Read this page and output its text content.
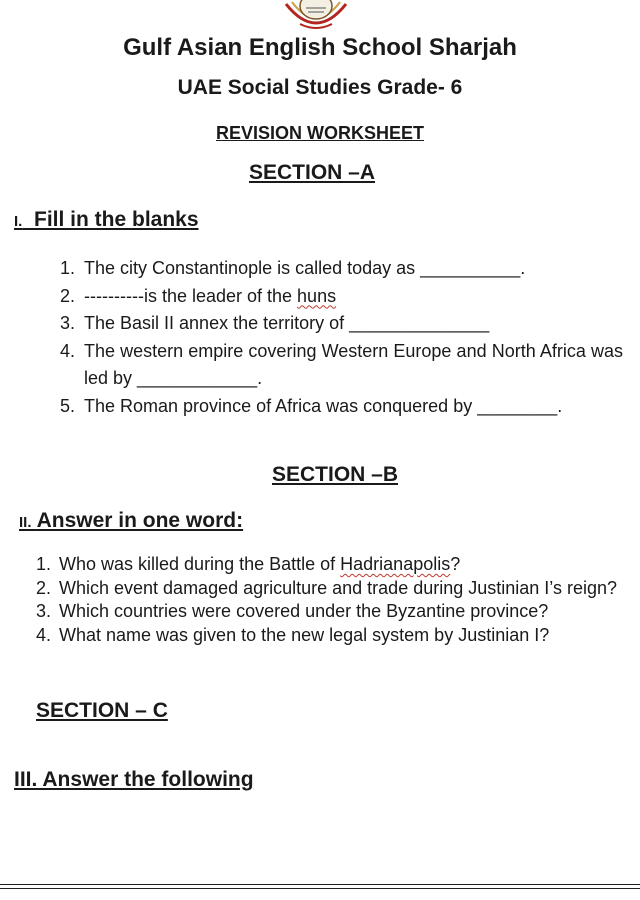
Gulf Asian English School Sharjah
UAE Social Studies Grade- 6
REVISION WORKSHEET
SECTION –A
I. Fill in the blanks
1. The city Constantinople is called today as __________.
2. ----------is the leader of the huns
3. The Basil II annex the territory of ______________
4. The western empire covering Western Europe and North Africa was led by ____________.
5. The Roman province of Africa was conquered by ________.
SECTION –B
II. Answer in one word:
1. Who was killed during the Battle of Hadrianapolis?
2. Which event damaged agriculture and trade during Justinian I’s reign?
3. Which countries were covered under the Byzantine province?
4. What name was given to the new legal system by Justinian I?
SECTION – C
III. Answer the following
